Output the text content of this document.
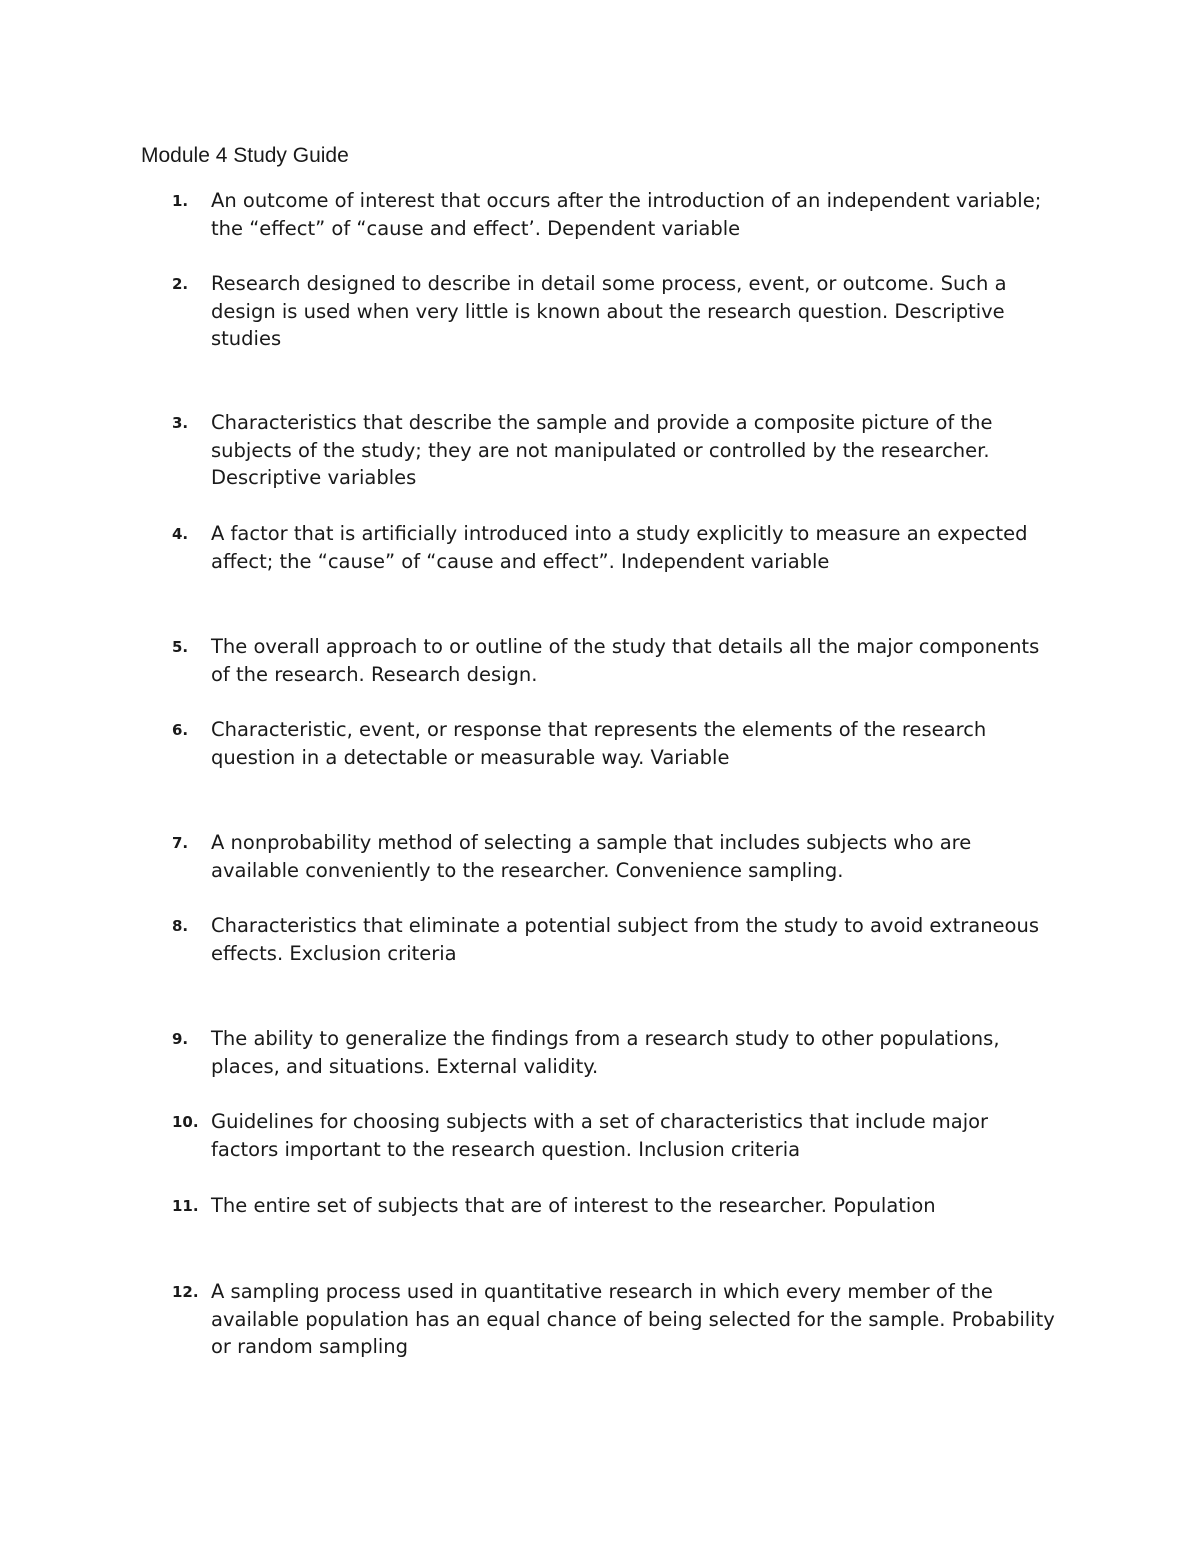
Module 4 Study Guide
1. An outcome of interest that occurs after the introduction of an independent variable; the “effect” of “cause and effect’. Dependent variable
2. Research designed to describe in detail some process, event, or outcome. Such a design is used when very little is known about the research question. Descriptive studies
3. Characteristics that describe the sample and provide a composite picture of the subjects of the study; they are not manipulated or controlled by the researcher. Descriptive variables
4. A factor that is artificially introduced into a study explicitly to measure an expected affect; the “cause” of “cause and effect”. Independent variable
5. The overall approach to or outline of the study that details all the major components of the research. Research design.
6. Characteristic, event, or response that represents the elements of the research question in a detectable or measurable way. Variable
7. A nonprobability method of selecting a sample that includes subjects who are available conveniently to the researcher. Convenience sampling.
8. Characteristics that eliminate a potential subject from the study to avoid extraneous effects. Exclusion criteria
9. The ability to generalize the findings from a research study to other populations, places, and situations. External validity.
10. Guidelines for choosing subjects with a set of characteristics that include major factors important to the research question. Inclusion criteria
11. The entire set of subjects that are of interest to the researcher. Population
12. A sampling process used in quantitative research in which every member of the available population has an equal chance of being selected for the sample. Probability or random sampling
